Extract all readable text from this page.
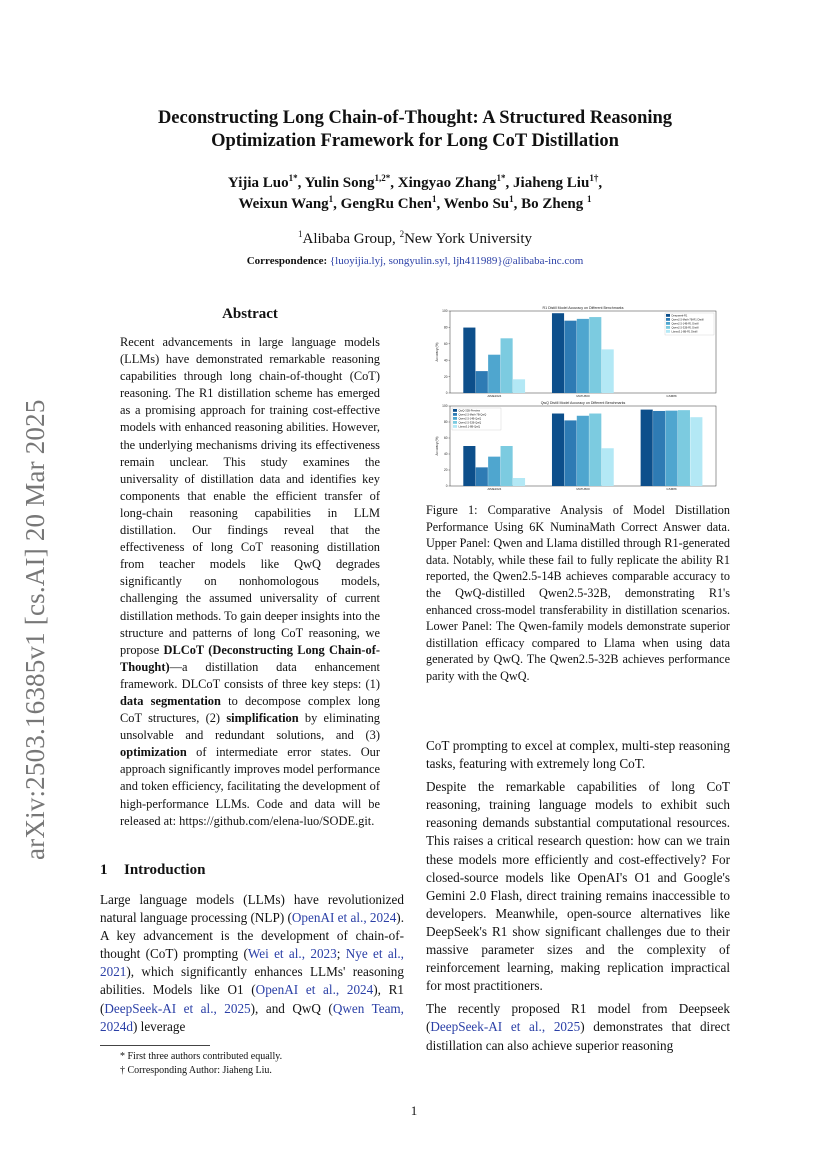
arXiv:2503.16385v1 [cs.AI] 20 Mar 2025
Deconstructing Long Chain-of-Thought: A Structured Reasoning
Optimization Framework for Long CoT Distillation
Yijia Luo$^{1*}$, Yulin Song$^{1,2*}$, Xingyao Zhang$^{1*}$, Jiaheng Liu$^{1\dagger}$,
Weixun Wang$^1$, GengRu Chen$^1$, Wenbo Su$^1$, Bo Zheng $^1$
$^1$Alibaba Group, $^2$New York University
Correspondence: {luoyijia.lyj, songyulin.syl, ljh411989}@alibaba-inc.com
Abstract
Recent advancements in large language models (LLMs) have demonstrated remarkable reasoning capabilities through long chain-of-thought (CoT) reasoning. The R1 distillation scheme has emerged as a promising approach for training cost-effective models with enhanced reasoning abilities. However, the underlying mechanisms driving its effectiveness remain unclear. This study examines the universality of distillation data and identifies key components that enable the efficient transfer of long-chain reasoning capabilities in LLM distillation. Our findings reveal that the effectiveness of long CoT reasoning distillation from teacher models like QwQ degrades significantly on nonhomologous models, challenging the assumed universality of current distillation methods. To gain deeper insights into the structure and patterns of long CoT reasoning, we propose DLCoT (Deconstructing Long Chain-of-Thought)—a distillation data enhancement framework. DLCoT consists of three key steps: (1) data segmentation to decompose complex long CoT structures, (2) simplification by eliminating unsolvable and redundant solutions, and (3) optimization of intermediate error states. Our approach significantly improves model performance and token efficiency, facilitating the development of high-performance LLMs. Code and data will be released at: https://github.com/elena-luo/SODE.git.
1 Introduction
Large language models (LLMs) have revolutionized natural language processing (NLP) (OpenAI et al., 2024). A key advancement is the development of chain-of-thought (CoT) prompting (Wei et al., 2023; Nye et al., 2021), which significantly enhances LLMs' reasoning abilities. Models like O1 (OpenAI et al., 2024), R1 (DeepSeek-AI et al., 2025), and QwQ (Qwen Team, 2024d) leverage
* First three authors contributed equally.
† Corresponding Author: Jiaheng Liu.
R1 Distill Model Accuracy on Different Benchmarks
0
20
40
60
80
100
Accuracy (%)
AIME2024	MATH500	GSM8K
Deepseek-R1
Qwen2.5-Math-7B-R1 Distill
Qwen2.5-14B-R1 Distill
Qwen2.5-32B-R1 Distill
Llama3.1-8B-R1 Distill
QwQ Distill Model Accuracy on Different Benchmarks
0
20
40
60
80
100
Accuracy (%)
AIME2024	MATH500	GSM8K
QwQ-32B-Preview
Qwen2.5-Math-7B-QwQ
Qwen2.5-14B-QwQ
Qwen2.5-32B-QwQ
Llama3.1-8B-QwQ
Figure 1: Comparative Analysis of Model Distillation Performance Using 6K NuminaMath Correct Answer data. Upper Panel: Qwen and Llama distilled through R1-generated data. Notably, while these fail to fully replicate the ability R1 reported, the Qwen2.5-14B achieves comparable accuracy to the QwQ-distilled Qwen2.5-32B, demonstrating R1's enhanced cross-model transferability in distillation scenarios. Lower Panel: The Qwen-family models demonstrate superior distillation efficacy compared to Llama when using data generated by QwQ. The Qwen2.5-32B achieves performance parity with the QwQ.

CoT prompting to excel at complex, multi-step reasoning tasks, featuring with extremely long CoT.

Despite the remarkable capabilities of long CoT reasoning, training language models to exhibit such reasoning demands substantial computational resources. This raises a critical research question: how can we train these models more efficiently and cost-effectively? For closed-source models like OpenAI's O1 and Google's Gemini 2.0 Flash, direct training remains inaccessible to developers. Meanwhile, open-source alternatives like DeepSeek's R1 show significant challenges due to their massive parameter sizes and the complexity of reinforcement learning, making replication impractical for most practitioners.

The recently proposed R1 model from Deepseek (DeepSeek-AI et al., 2025) demonstrates that direct distillation can also achieve superior reasoning

1
